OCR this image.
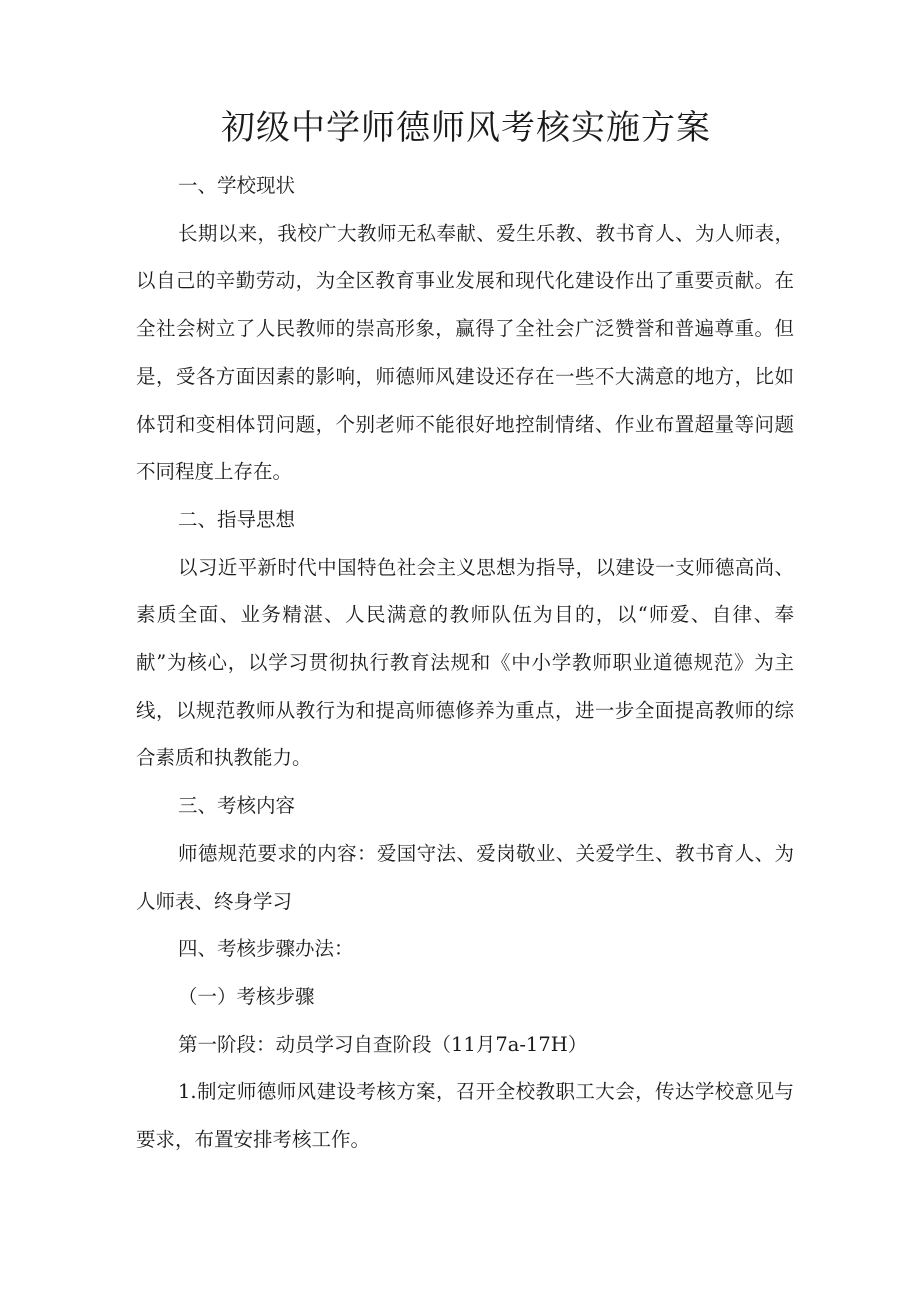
初级中学师德师风考核实施方案

一、学校现状

长期以来，我校广大教师无私奉献、爱生乐教、教书育人、为人师表，以自己的辛勤劳动，为全区教育事业发展和现代化建设作出了重要贡献。在全社会树立了人民教师的崇高形象，赢得了全社会广泛赞誉和普遍尊重。但是，受各方面因素的影响，师德师风建设还存在一些不大满意的地方，比如体罚和变相体罚问题，个别老师不能很好地控制情绪、作业布置超量等问题不同程度上存在。

二、指导思想

以习近平新时代中国特色社会主义思想为指导，以建设一支师德高尚、素质全面、业务精湛、人民满意的教师队伍为目的，以“师爱、自律、奉献”为核心，以学习贯彻执行教育法规和《中小学教师职业道德规范》为主线，以规范教师从教行为和提高师德修养为重点，进一步全面提高教师的综合素质和执教能力。

三、考核内容

师德规范要求的内容：爱国守法、爱岗敬业、关爱学生、教书育人、为人师表、终身学习

四、考核步骤办法：

（一）考核步骤

第一阶段：动员学习自查阶段（11月7a-17H）

1.制定师德师风建设考核方案，召开全校教职工大会，传达学校意见与要求，布置安排考核工作。
